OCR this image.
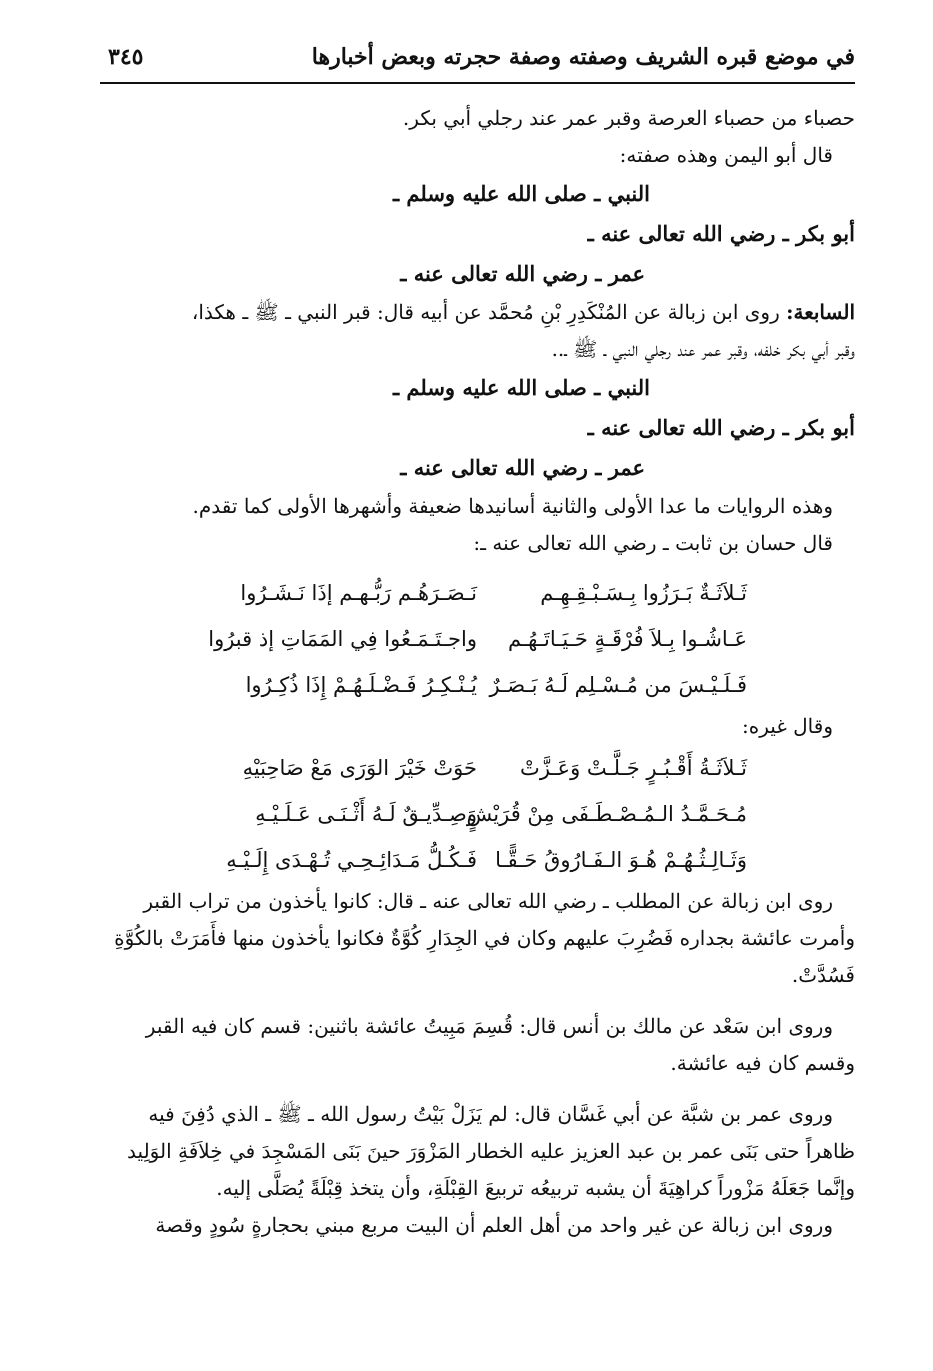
في موضع قبره الشريف وصفته وصفة حجرته وبعض أخبارها
٣٤٥
حصباء من حصباء العرصة وقبر عمر عند رجلي أبي بكر.
قال أبو اليمن وهذه صفته:
النبي ـ صلى الله عليه وسلم ـ
أبو بكر ـ رضي الله تعالى عنه ـ
عمر ـ رضي الله تعالى عنه ـ
السابعة: روى ابن زبالة عن المُنْكَدِرِ بْنِ مُحمَّد عن أبيه قال: قبر النبي ـ ﷺ ـ هكذا،
وقبر أبي بكر خلفه، وقبر عمر عند رجلي النبي ـ ﷺ ـ..
النبي ـ صلى الله عليه وسلم ـ
أبو بكر ـ رضي الله تعالى عنه ـ
عمر ـ رضي الله تعالى عنه ـ
وهذه الروايات ما عدا الأولى والثانية أسانيدها ضعيفة وأشهرها الأولى كما تقدم.
قال حسان بن ثابت ـ رضي الله تعالى عنه ـ:
ثَـلاَثَـةٌ بَـرَزُوا بِـسَـبْـقِـهِـم
نَـصَـرَهُـم رَبُّـهـم إذَا نَـشَـرُوا
عَـاشُـوا بِـلاَ فُرْقَـةٍ حَـيَـاتَـهُـم
واجـتَـمَـعُوا فِي المَمَاتِ إذ قبرُوا
فَـلَـيْـسَ من مُـسْـلِم لَـهُ بَـصَـرٌ
يُـنْـكِـرُ فَـضْـلَـهُـمْ إِذَا ذُكِـرُوا
وقال غيره:
ثَـلاَثَـةُ أَقْـبُـرٍ جَـلَّـتْ وَعَـزَّتْ
حَوَتْ خَيْرَ الوَرَى مَعْ صَاحِبَيْهِ
مُـحَـمَّـدُ الـمُـصْـطَـفَى مِنْ قُرَيْشٍ
وَصِـدِّيـقٌ لَـهُ أَثْـنَـى عَـلَـيْـهِ
وَثَـالِـثُـهُـمْ هُـوَ الـفَـارُوقُ حَـقًّـا
فَـكُـلُّ مَـدَائِـحِـي تُـهْـدَى إِلَـيْـهِ
روى ابن زبالة عن المطلب ـ رضي الله تعالى عنه ـ قال: كانوا يأخذون من تراب القبر
وأمرت عائشة بجداره فَضُرِبَ عليهم وكان في الجِدَارِ كُوَّةٌ فكانوا يأخذون منها فأَمَرَتْ بالكُوَّةِ
فَسُدَّتْ.
وروى ابن سَعْد عن مالك بن أنس قال: قُسِمَ مَبِيتُ عائشة باثنين: قسم كان فيه القبر
وقسم كان فيه عائشة.
وروى عمر بن شبَّة عن أبي غَسَّان قال: لم يَزَلْ بَيْتُ رسول الله ـ ﷺ ـ الذي دُفِنَ فيه
ظاهراً حتى بَنَى عمر بن عبد العزيز عليه الخطار المَزْوَرَ حينَ بَنَى المَسْجِدَ في خِلاَفَةِ الوَلِيد
وإنَّما جَعَلَهُ مَزْوراً كراهِيَةَ أن يشبه تربيعُه تربيعَ القِبْلَةِ، وأن يتخذ قِبْلَةً يُصَلَّى إليه.
وروى ابن زبالة عن غير واحد من أهل العلم أن البيت مربع مبني بحجارةٍ سُودٍ وقصة
